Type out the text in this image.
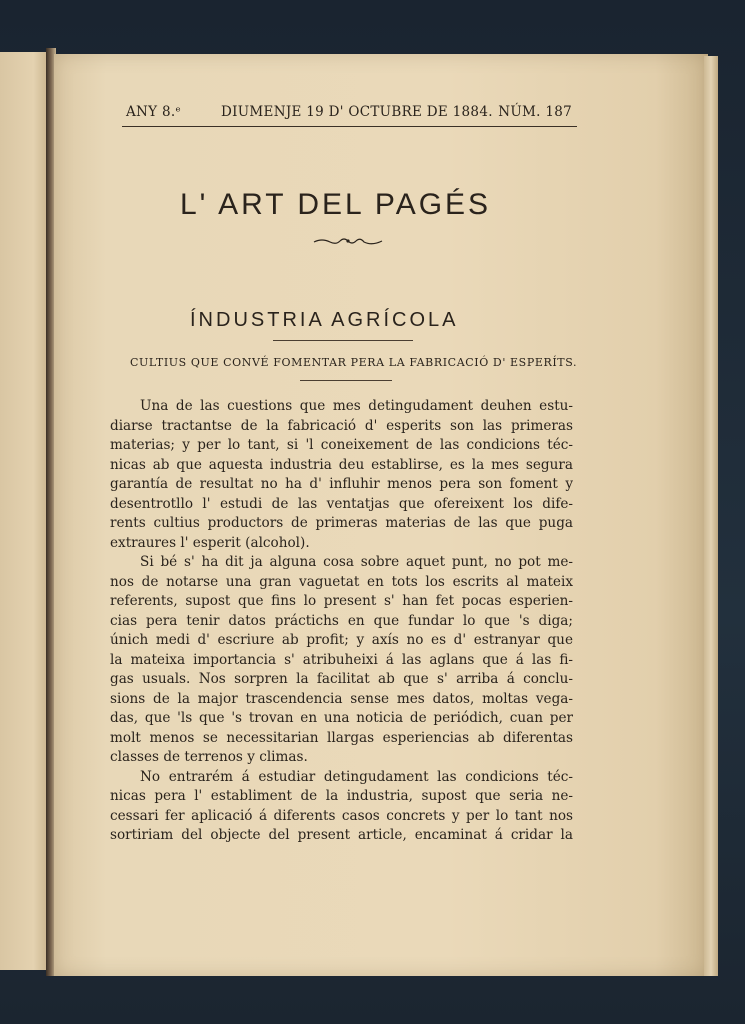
ANY 8.ᵉ	DIUMENJE 19 D' OCTUBRE DE 1884. NÚM. 187
L' ART DEL PAGÉS
ÍNDUSTRIA AGRÍCOLA
CULTIUS QUE CONVÉ FOMENTAR PERA LA FABRICACIÓ D' ESPERÍTS.
Una de las cuestions que mes detingudament deuhen estu-
diarse tractantse de la fabricació d' esperits son las primeras
materias; y per lo tant, si 'l coneixement de las condicions téc-
nicas ab que aquesta industria deu establirse, es la mes segura
garantía de resultat no ha d' influhir menos pera son foment y
desentrotllo l' estudi de las ventatjas que ofereixent los dife-
rents cultius productors de primeras materias de las que puga
extraures l' esperit (alcohol).
Si bé s' ha dit ja alguna cosa sobre aquet punt, no pot me-
nos de notarse una gran vaguetat en tots los escrits al mateix
referents, supost que fins lo present s' han fet pocas esperien-
cias pera tenir datos práctichs en que fundar lo que 's diga;
únich medi d' escriure ab profit; y axís no es d' estranyar que
la mateixa importancia s' atribuheixi á las aglans que á las fi-
gas usuals. Nos sorpren la facilitat ab que s' arriba á conclu-
sions de la major trascendencia sense mes datos, moltas vega-
das, que 'ls que 's trovan en una noticia de periódich, cuan per
molt menos se necessitarian llargas esperiencias ab diferentas
classes de terrenos y climas.
No entrarém á estudiar detingudament las condicions téc-
nicas pera l' establiment de la industria, supost que seria ne-
cessari fer aplicació á diferents casos concrets y per lo tant nos
sortiriam del objecte del present article, encaminat á cridar la
